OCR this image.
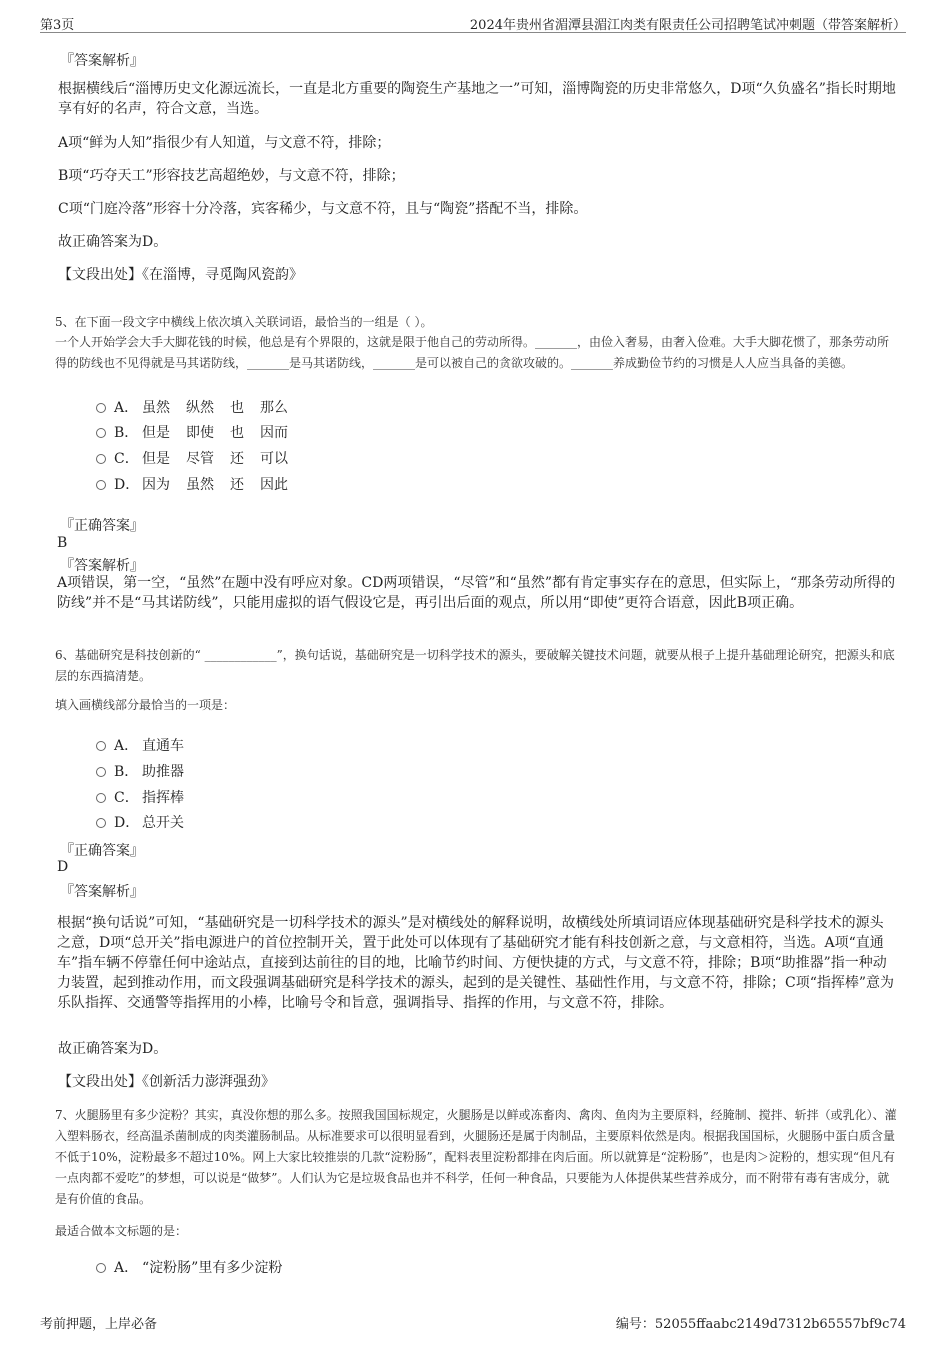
第3页	2024年贵州省湄潭县湄江肉类有限责任公司招聘笔试冲刺题（带答案解析）
『答案解析』
根据横线后“淄博历史文化源远流长，一直是北方重要的陶瓷生产基地之一”可知，淄博陶瓷的历史非常悠久，D项“久负盛名”指长时期地享有好的名声，符合文意，当选。
A项“鲜为人知”指很少有人知道，与文意不符，排除；
B项“巧夺天工”形容技艺高超绝妙，与文意不符，排除；
C项“门庭冷落”形容十分冷落，宾客稀少，与文意不符，且与“陶瓷”搭配不当，排除。
故正确答案为D。
【文段出处】《在淄博，寻觅陶风瓷韵》
5、在下面一段文字中横线上依次填入关联词语，最恰当的一组是（ ）。
一个人开始学会大手大脚花钱的时候，他总是有个界限的，这就是限于他自己的劳动所得。_______，由俭入奢易，由奢入俭难。大手大脚花惯了，那条劳动所得的防线也不见得就是马其诺防线，_______是马其诺防线，_______是可以被自己的贪欲攻破的。_______养成勤俭节约的习惯是人人应当具备的美德。
A． 虽然 纵然 也 那么
B． 但是 即使 也 因而
C． 但是 尽管 还 可以
D． 因为 虽然 还 因此
『正确答案』
B
『答案解析』
A项错误，第一空，“虽然”在题中没有呼应对象。CD两项错误，“尽管”和“虽然”都有肯定事实存在的意思，但实际上，“那条劳动所得的防线”并不是“马其诺防线”，只能用虚拟的语气假设它是，再引出后面的观点，所以用“即使”更符合语意，因此B项正确。
6、基础研究是科技创新的“ ____________”，换句话说，基础研究是一切科学技术的源头，要破解关键技术问题，就要从根子上提升基础理论研究，把源头和底层的东西搞清楚。
填入画横线部分最恰当的一项是：
A． 直通车
B． 助推器
C． 指挥棒
D． 总开关
『正确答案』
D
『答案解析』
根据“换句话说”可知，“基础研究是一切科学技术的源头”是对横线处的解释说明，故横线处所填词语应体现基础研究是科学技术的源头之意，D项“总开关”指电源进户的首位控制开关，置于此处可以体现有了基础研究才能有科技创新之意，与文意相符，当选。A项“直通车”指车辆不停靠任何中途站点，直接到达前往的目的地，比喻节约时间、方便快捷的方式，与文意不符，排除；B项“助推器”指一种动力装置，起到推动作用，而文段强调基础研究是科学技术的源头，起到的是关键性、基础性作用，与文意不符，排除；C项“指挥棒”意为乐队指挥、交通警等指挥用的小棒，比喻号令和旨意，强调指导、指挥的作用，与文意不符，排除。
故正确答案为D。
【文段出处】《创新活力澎湃强劲》
7、火腿肠里有多少淀粉？其实，真没你想的那么多。按照我国国标规定，火腿肠是以鲜或冻畜肉、禽肉、鱼肉为主要原料，经腌制、搅拌、斩拌（或乳化）、灌入塑料肠衣，经高温杀菌制成的肉类灌肠制品。从标准要求可以很明显看到，火腿肠还是属于肉制品，主要原料依然是肉。根据我国国标，火腿肠中蛋白质含量不低于10%，淀粉最多不超过10%。网上大家比较推崇的几款“淀粉肠”，配料表里淀粉都排在肉后面。所以就算是“淀粉肠”，也是肉＞淀粉的，想实现“但凡有一点肉都不爱吃”的梦想，可以说是“做梦”。人们认为它是垃圾食品也并不科学，任何一种食品，只要能为人体提供某些营养成分，而不附带有毒有害成分，就是有价值的食品。
最适合做本文标题的是：
A． “淀粉肠”里有多少淀粉
考前押题，上岸必备	编号：52055ffaabc2149d7312b65557bf9c74
